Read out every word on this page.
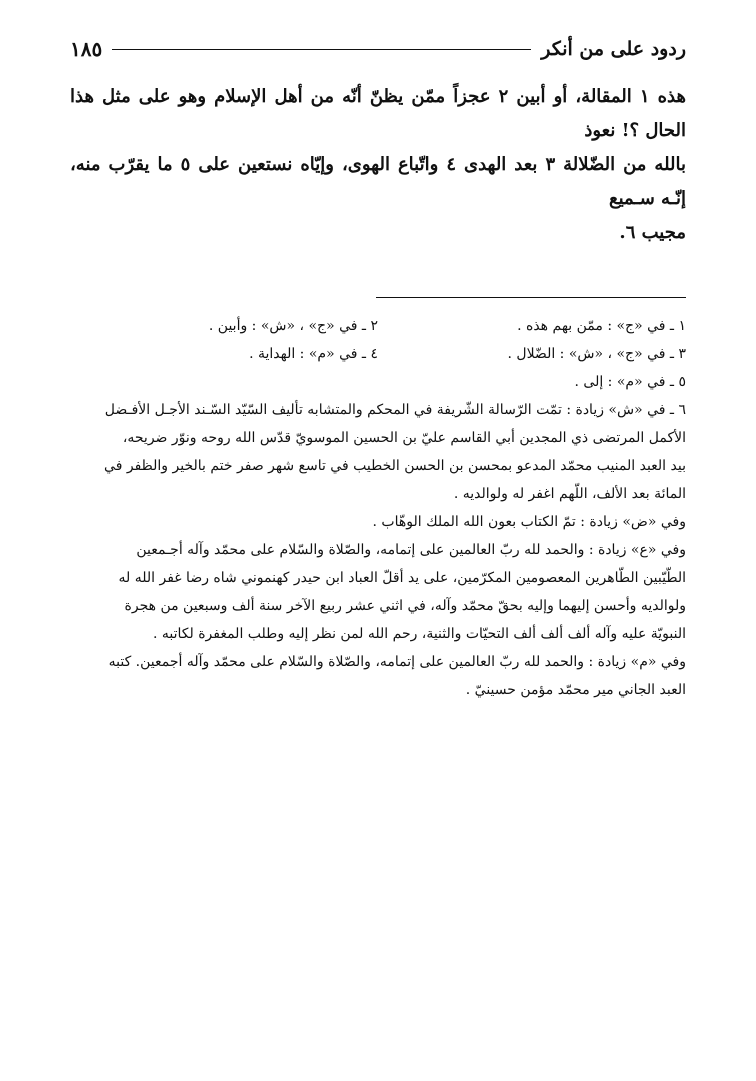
ردود على من أنكر
١٨٥

هذه ١ المقالة، أو أبين ٢ عجزاً ممّن يظنّ أنّه من أهل الإسلام وهو على مثل هذا الحال ؟! نعوذ

بالله من الضّلالة ٣ بعد الهدى ٤ واتّباع الهوى، وإيّاه نستعين على ٥ ما يقرّب منه، إنّـه سـميع

مجيب ٦.

١ ـ في «ج» : ممّن بهم هذه .
٢ ـ في «ج» ، «ش» : وأبين .
٣ ـ في «ج» ، «ش» : الضّلال .
٤ ـ في «م» : الهداية .

٥ ـ في «م» : إلى .

٦ ـ في «ش» زيادة : تمّت الرّسالة الشّريفة في المحكم والمتشابه تأليف السّيّد السّـند الأجـل الأفـضل

الأكمل المرتضى ذي المجدين أبي القاسم عليّ بن الحسين الموسويّ قدّس الله روحه ونوّر ضريحه،

بيد العبد المنيب محمّد المدعو بمحسن بن الحسن الخطيب في تاسع شهر صفر ختم بالخير والظفر في

المائة بعد الألف، اللّهم اغفر له ولوالديه .

وفي «ض» زيادة : تمّ الكتاب بعون الله الملك الوهّاب .

وفي «ع» زيادة : والحمد لله ربّ العالمين على إتمامه، والصّلاة والسّلام على محمّد وآله أجـمعين

الطّيّبين الطّاهرين المعصومين المكرّمين، على يد أقلّ العباد ابن حيدر كهنموني شاه رضا غفر الله له

ولوالديه وأحسن إليهما وإليه بحقّ محمّد وآله، في اثني عشر ربيع الآخر سنة ألف وسبعين من هجرة

النبويّة عليه وآله ألف ألف ألف التحيّات والثنية، رحم الله لمن نظر إليه وطلب المغفرة لكاتبه .

وفي «م» زيادة : والحمد لله ربّ العالمين على إتمامه، والصّلاة والسّلام على محمّد وآله أجمعين. كتبه

العبد الجاني مير محمّد مؤمن حسينيّ .
